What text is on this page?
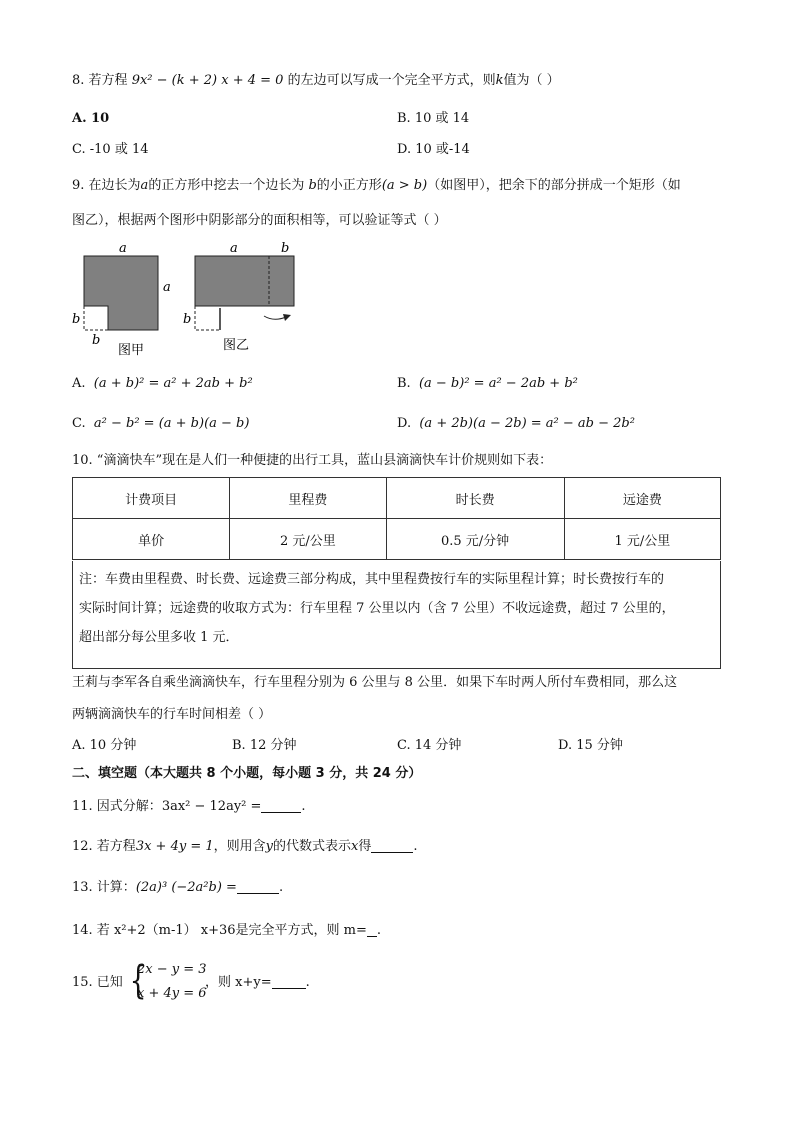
8. 若方程 9x² − (k + 2) x + 4 = 0 的左边可以写成一个完全平方式，则k值为（ ）
A. 10	B. 10 或 14
C. -10 或 14	D. 10 或-14
9. 在边长为a的正方形中挖去一个边长为 b的小正方形(a > b)（如图甲），把余下的部分拼成一个矩形（如
图乙），根据两个图形中阴影部分的面积相等，可以验证等式（ ）
a
a
b
b
图甲
a	b
b
图乙
A. (a + b)² = a² + 2ab + b²	B. (a − b)² = a² − 2ab + b²
C. a² − b² = (a + b)(a − b)	D. (a + 2b)(a − 2b) = a² − ab − 2b²
10. “滴滴快车”现在是人们一种便捷的出行工具，蓝山县滴滴快车计价规则如下表：
计费项目	里程费	时长费	远途费
单价	2 元/公里	0.5 元/分钟	1 元/公里
注：车费由里程费、时长费、远途费三部分构成，其中里程费按行车的实际里程计算；时长费按行车的
实际时间计算；远途费的收取方式为：行车里程 7 公里以内（含 7 公里）不收远途费，超过 7 公里的，
超出部分每公里多收 1 元．
王莉与李军各自乘坐滴滴快车，行车里程分别为 6 公里与 8 公里．如果下车时两人所付车费相同，那么这
两辆滴滴快车的行车时间相差（ ）
A. 10 分钟	B. 12 分钟	C. 14 分钟	D. 15 分钟
二、填空题（本大题共 8 个小题，每小题 3 分，共 24 分）
11. 因式分解：3ax² − 12ay² =	.
12. 若方程3x + 4y = 1，则用含y的代数式表示x得	.
13. 计算：(2a)³ (−2a²b) =	.
14. 若 x²+2（m-1） x+36是完全平方式，则 m= .
15. 已知 {
2x − y = 3
x + 4y = 6
，则 x+y=	.
